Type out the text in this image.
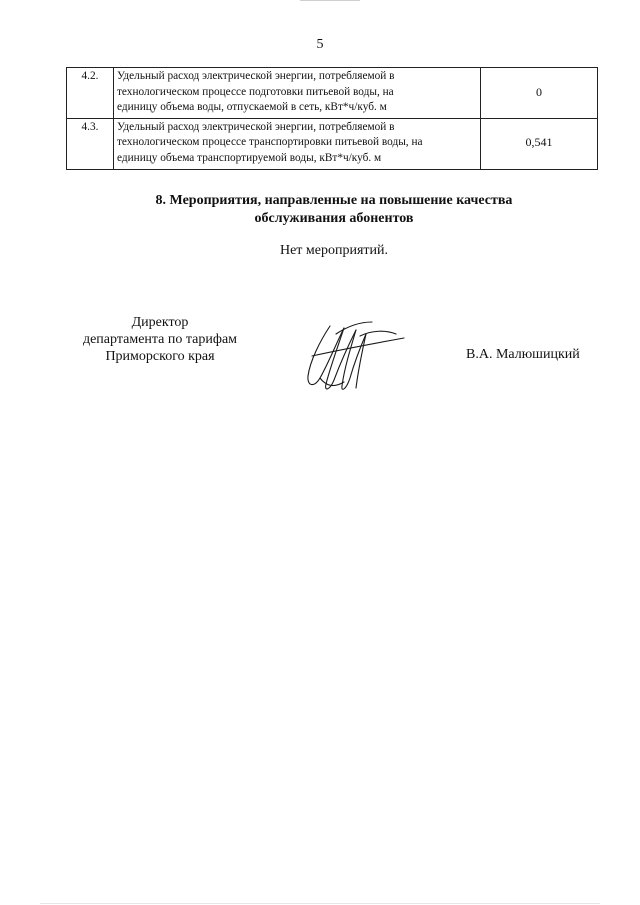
5
4.2.	Удельный расход электрической энергии, потребляемой в
технологическом процессе подготовки питьевой воды, на
единицу объема воды, отпускаемой в сеть, кВт*ч/куб. м	0
4.3.	Удельный расход электрической энергии, потребляемой в
технологическом процессе транспортировки питьевой воды, на
единицу объема транспортируемой воды, кВт*ч/куб. м	0,541
8. Мероприятия, направленные на повышение качества
обслуживания абонентов
Нет мероприятий.
Директор
департамента по тарифам
Приморского края	В.А. Малюшицкий
